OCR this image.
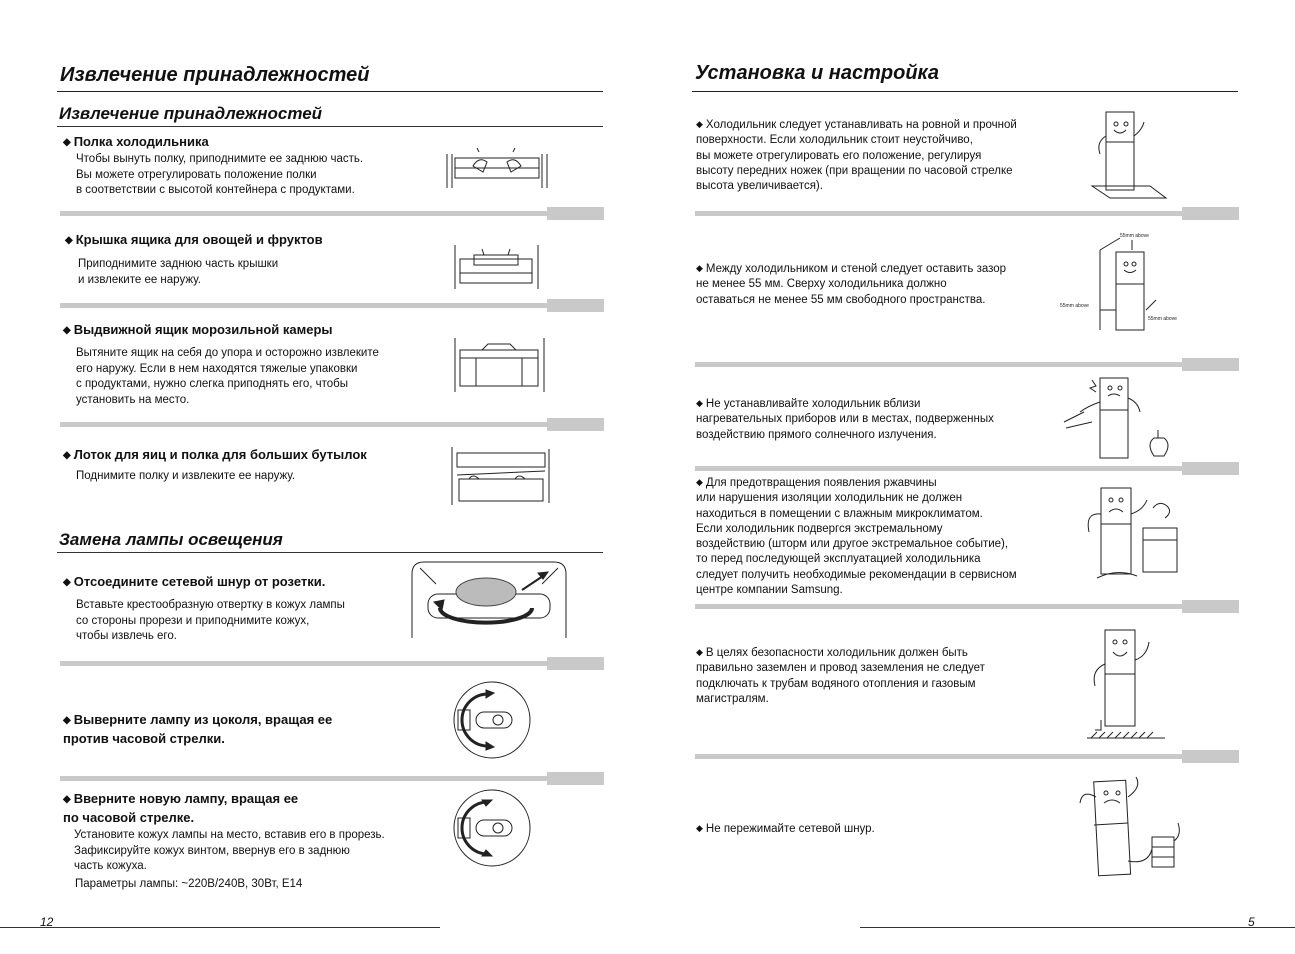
Извлечение принадлежностей
Извлечение принадлежностей
◆ Полка холодильника
Чтобы вынуть полку, приподнимите ее заднюю часть.
Вы можете отрегулировать положение полки
в соответствии с высотой контейнера с продуктами.
◆ Крышка ящика для овощей и фруктов
Приподнимите заднюю часть крышки
и извлеките ее наружу.
◆ Выдвижной ящик морозильной камеры
Вытяните ящик на себя до упора и осторожно извлеките
его наружу. Если в нем находятся тяжелые упаковки
с продуктами, нужно слегка приподнять его, чтобы
установить на место.
◆ Лоток для яиц и полка для больших бутылок
Поднимите полку и извлеките ее наружу.
Замена лампы освещения
◆ Отсоедините сетевой шнур от розетки.
Вставьте крестообразную отвертку в кожух лампы
со стороны прорези и приподнимите кожух,
чтобы извлечь его.
◆ Выверните лампу из цоколя, вращая ее
против часовой стрелки.
◆ Вверните новую лампу, вращая ее
по часовой стрелке.
Установите кожух лампы на место, вставив его в прорезь.
Зафиксируйте кожух винтом, ввернув его в заднюю
часть кожуха.
Параметры лампы: ~220В/240В, 30Вт, E14
12
Установка и настройка
◆ Холодильник следует устанавливать на ровной и прочной
поверхности. Если холодильник стоит неустойчиво,
вы можете отрегулировать его положение, регулируя
высоту передних ножек (при вращении по часовой стрелке
высота увеличивается).
◆ Между холодильником и стеной следует оставить зазор
не менее 55 мм. Сверху холодильника должно
оставаться не менее 55 мм свободного пространства.
55mm above
55mm above
55mm above
◆ Не устанавливайте холодильник вблизи
нагревательных приборов или в местах, подверженных
воздействию прямого солнечного излучения.
◆ Для предотвращения появления ржавчины
или нарушения изоляции холодильник не должен
находиться в помещении с влажным микроклиматом.
Если холодильник подвергся экстремальному
воздействию (шторм или другое экстремальное событие),
то перед последующей эксплуатацией холодильника
следует получить необходимые рекомендации в сервисном
центре компании Samsung.
◆ В целях безопасности холодильник должен быть
правильно заземлен и провод заземления не следует
подключать к трубам водяного отопления и газовым
магистралям.
◆ Не пережимайте сетевой шнур.
5
